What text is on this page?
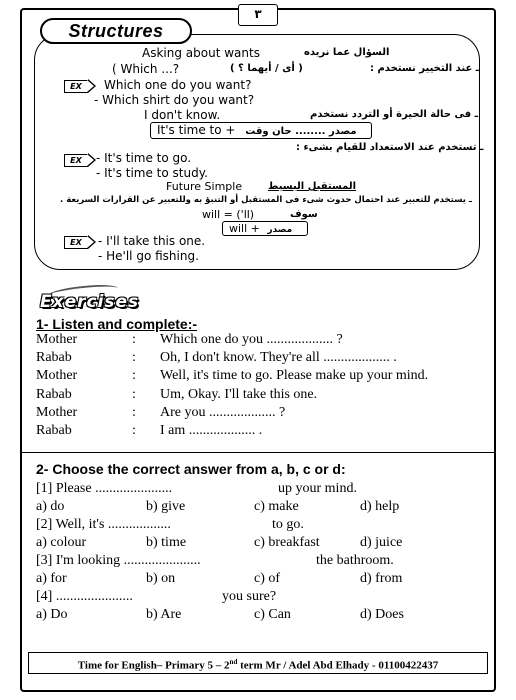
٣
Structures
Asking about wants	السؤال عما نريده
( Which ...?	( أى / أيهما ؟ )	ـ عند التخيير نستخدم :
EX	Which one do you want?
- Which shirt do you want?
I don't know.	ـ فى حالة الحيرة أو التردد نستخدم
It's time to + مصدر ........ حان وقت
ـ تستخدم عند الاستعداد للقيام بشىء :
EX	- It's time to go.
- It's time to study.
Future Simple	المستقبل البسيط
ـ يستخدم للتعبير عند احتمال حدوث شىء فى المستقبل أو التنبؤ به وللتعبير عن القرارات السريعة .
will = ('ll)	سوف
will + مصدر
EX	- I'll take this one.
- He'll go fishing.
Exercises
1- Listen and complete:-
Mother	: Which one do you ................... ?
Rabab	: Oh, I don't know. They're all ................... .
Mother	: Well, it's time to go. Please make up your mind.
Rabab	: Um, Okay. I'll take this one.
Mother	: Are you ................... ?
Rabab	: I am ................... .
2- Choose the correct answer from a, b, c or d:
[1] Please ......................	up your mind.
a) do	b) give	c) make	d) help
[2] Well, it's ..................	to go.
a) colour	b) time	c) breakfast	d) juice
[3] I'm looking ......................	the bathroom.
a) for	b) on	c) of	d) from
[4] ......................	you sure?
a) Do	b) Are	c) Can	d) Does
Time for English– Primary 5 – 2nd term Mr / Adel Abd Elhady - 01100422437
